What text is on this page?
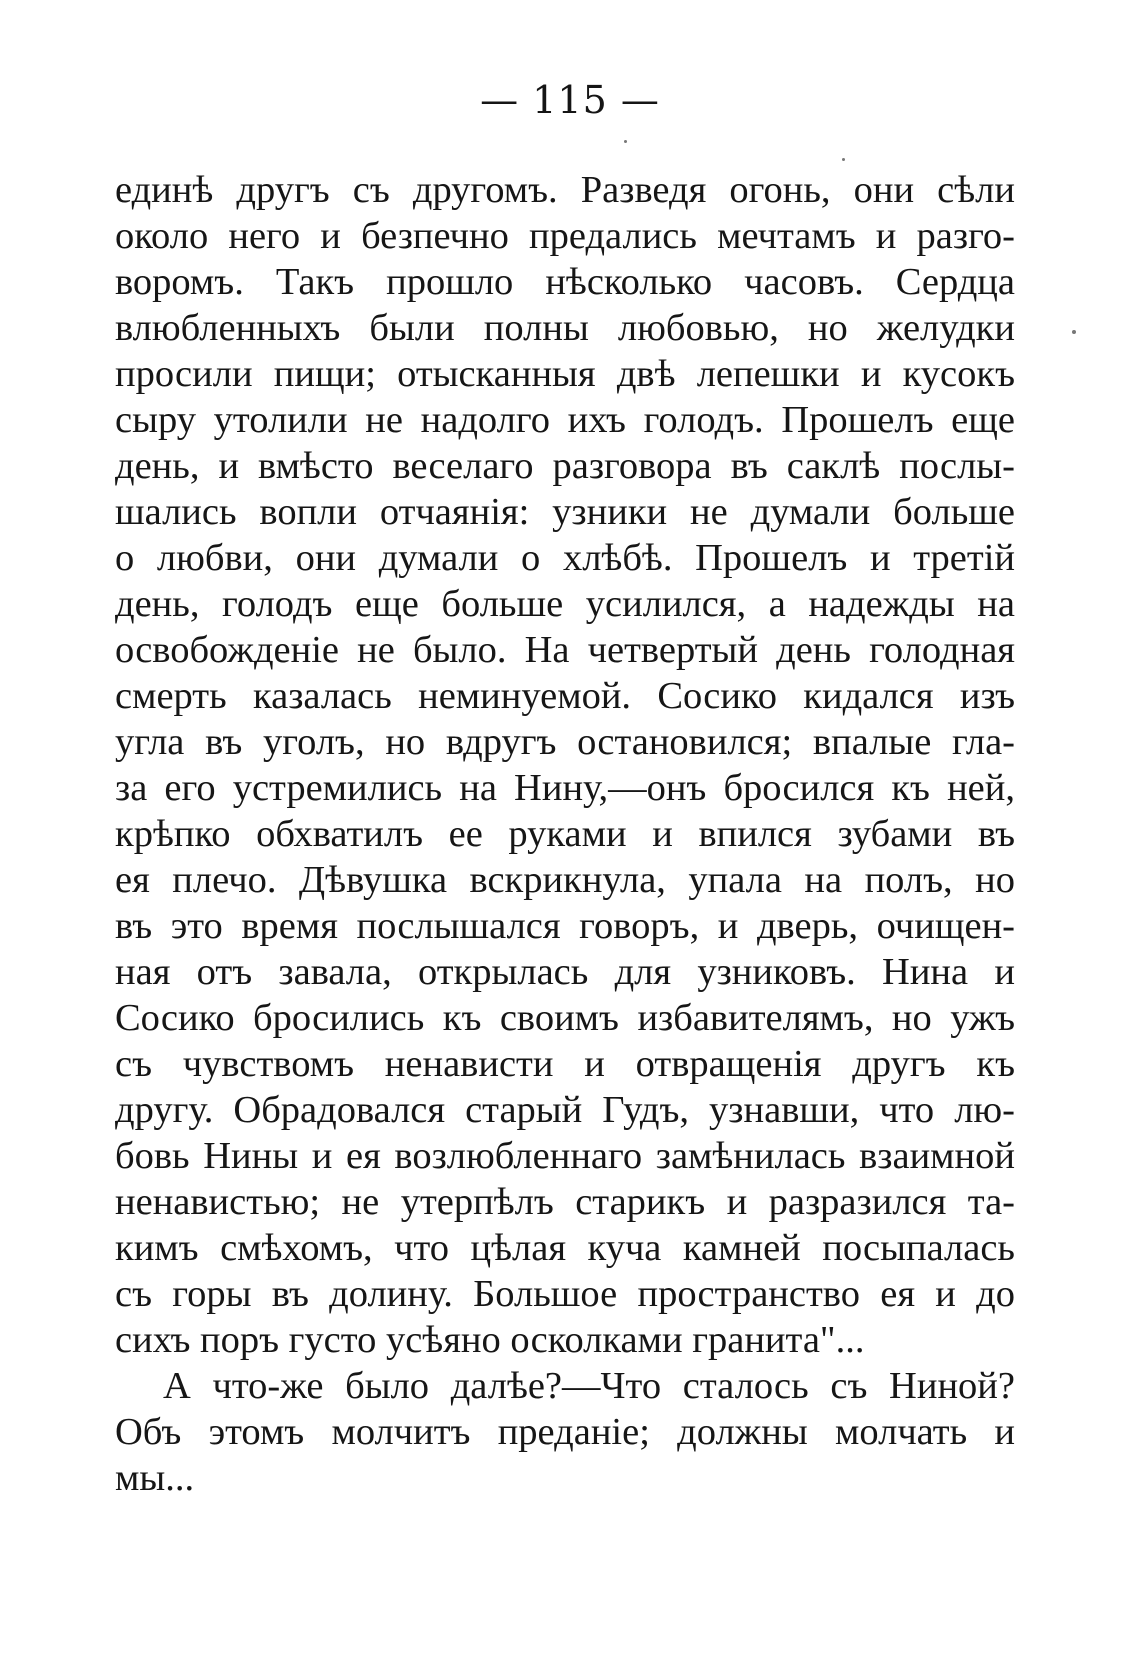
— 115 —
единѣ другъ съ другомъ. Разведя огонь, они сѣли
около него и безпечно предались мечтамъ и разго-
воромъ. Такъ прошло нѣсколько часовъ. Сердца
влюбленныхъ были полны любовью, но желудки
просили пищи; отысканныя двѣ лепешки и кусокъ
сыру утолили не надолго ихъ голодъ. Прошелъ еще
день, и вмѣсто веселаго разговора въ саклѣ послы-
шались вопли отчаянія: узники не думали больше
о любви, они думали о хлѣбѣ. Прошелъ и третій
день, голодъ еще больше усилился, а надежды на
освобожденіе не было. На четвертый день голодная
смерть казалась неминуемой. Сосико кидался изъ
угла въ уголъ, но вдругъ остановился; впалые гла-
за его устремились на Нину,—онъ бросился къ ней,
крѣпко обхватилъ ее руками и впился зубами въ
ея плечо. Дѣвушка вскрикнула, упала на полъ, но
въ это время послышался говоръ, и дверь, очищен-
ная отъ завала, открылась для узниковъ. Нина и
Сосико бросились къ своимъ избавителямъ, но ужъ
съ чувствомъ ненависти и отвращенія другъ къ
другу. Обрадовался старый Гудъ, узнавши, что лю-
бовь Нины и ея возлюбленнаго замѣнилась взаимной
ненавистью; не утерпѣлъ старикъ и разразился та-
кимъ смѣхомъ, что цѣлая куча камней посыпалась
съ горы въ долину. Большое пространство ея и до
сихъ поръ густо усѣяно осколками гранита"...
А что-же было далѣе?—Что сталось съ Ниной?
Объ этомъ молчитъ преданіе; должны молчать и
мы...
